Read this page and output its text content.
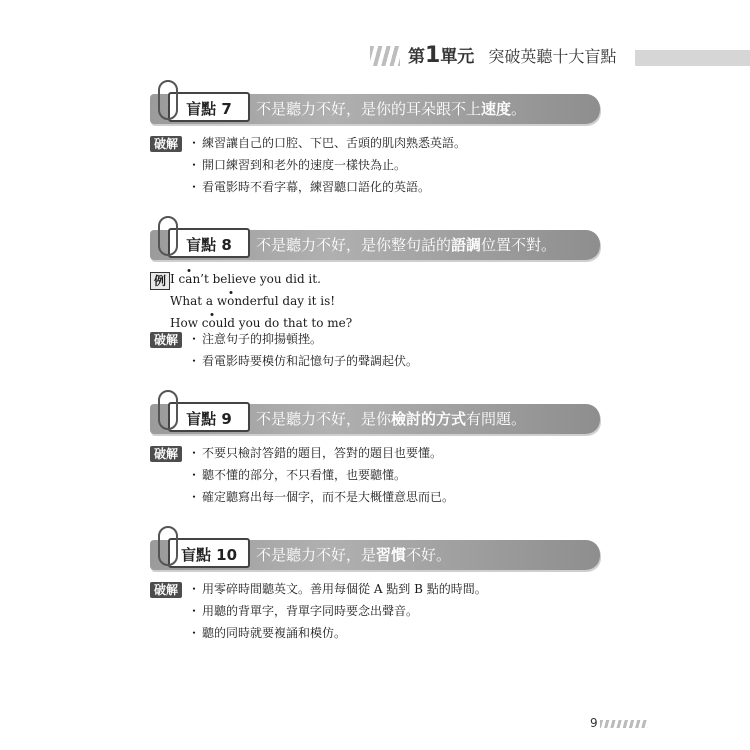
第1單元 突破英聽十大盲點
盲點 7	不是聽力不好，是你的耳朵跟不上速度。
破解	・ 練習讓自己的口腔、下巴、舌頭的肌肉熟悉英語。
・ 開口練習到和老外的速度一樣快為止。
・ 看電影時不看字幕，練習聽口語化的英語。
盲點 8	不是聽力不好，是你整句話的語調位置不對。
例 I can’t believe you did it.
What a wonderful day it is!
How could you do that to me?
破解	・ 注意句子的抑揚頓挫。
・ 看電影時要模仿和記憶句子的聲調起伏。
盲點 9	不是聽力不好，是你檢討的方式有問題。
破解	・ 不要只檢討答錯的題目，答對的題目也要懂。
・ 聽不懂的部分，不只看懂，也要聽懂。
・ 確定聽寫出每一個字，而不是大概懂意思而已。
盲點 10	不是聽力不好，是習慣不好。
破解	・ 用零碎時間聽英文。善用每個從 A 點到 B 點的時間。
・ 用聽的背單字，背單字同時要念出聲音。
・ 聽的同時就要複誦和模仿。
9
